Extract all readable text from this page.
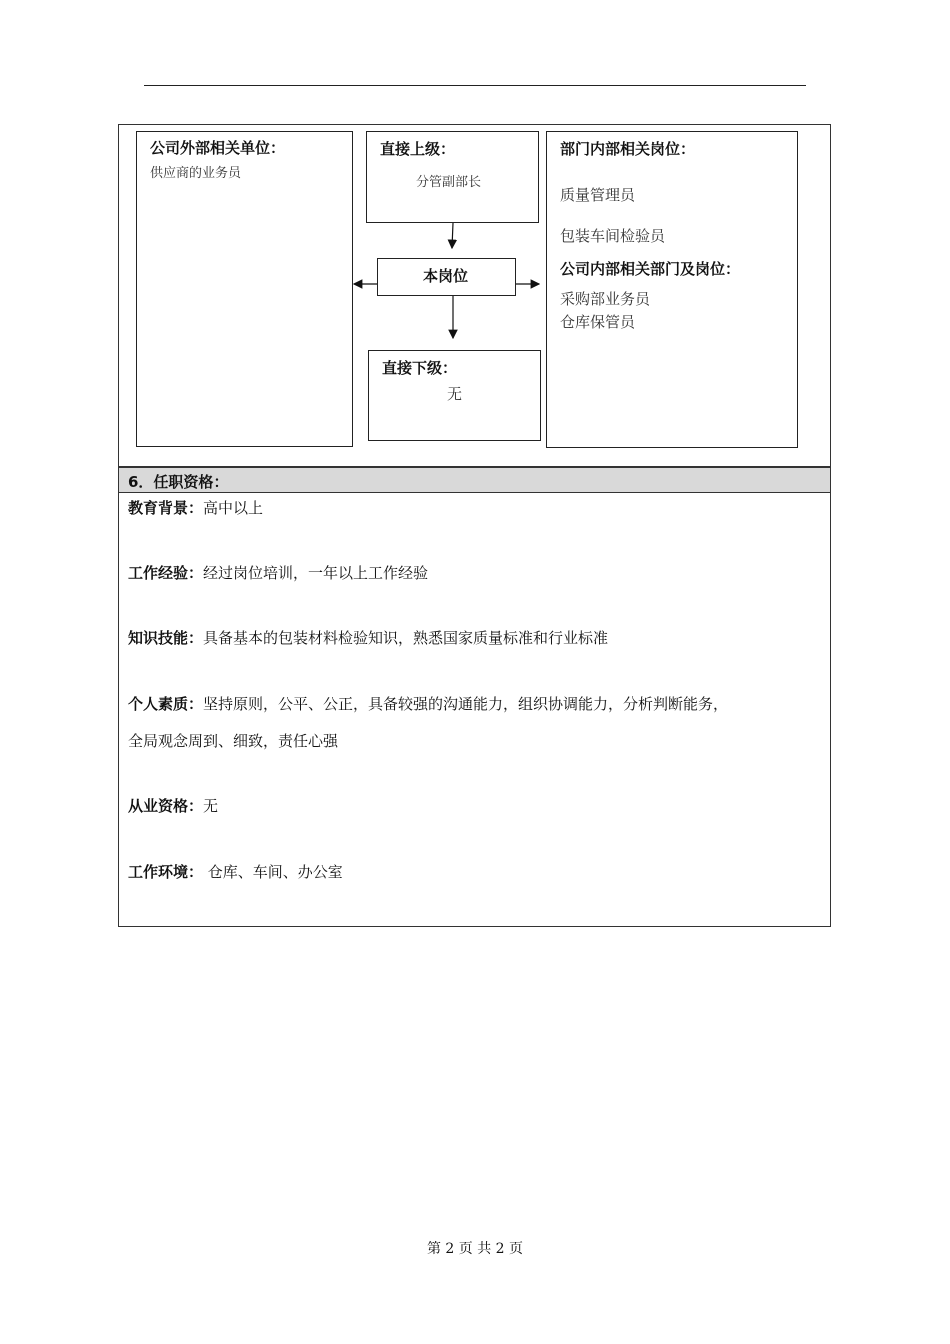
公司外部相关单位：
供应商的业务员
直接上级：
分管副部长
本岗位
直接下级：
无
部门内部相关岗位：
质量管理员
包装车间检验员
公司内部相关部门及岗位：
采购部业务员
仓库保管员
6．任职资格：
教育背景：高中以上
工作经验：经过岗位培训，一年以上工作经验
知识技能：具备基本的包装材料检验知识，熟悉国家质量标准和行业标准
个人素质：坚持原则，公平、公正，具备较强的沟通能力，组织协调能力，分析判断能务，
全局观念周到、细致，责任心强
从业资格：无
工作环境： 仓库、车间、办公室
第 2 页 共 2 页
